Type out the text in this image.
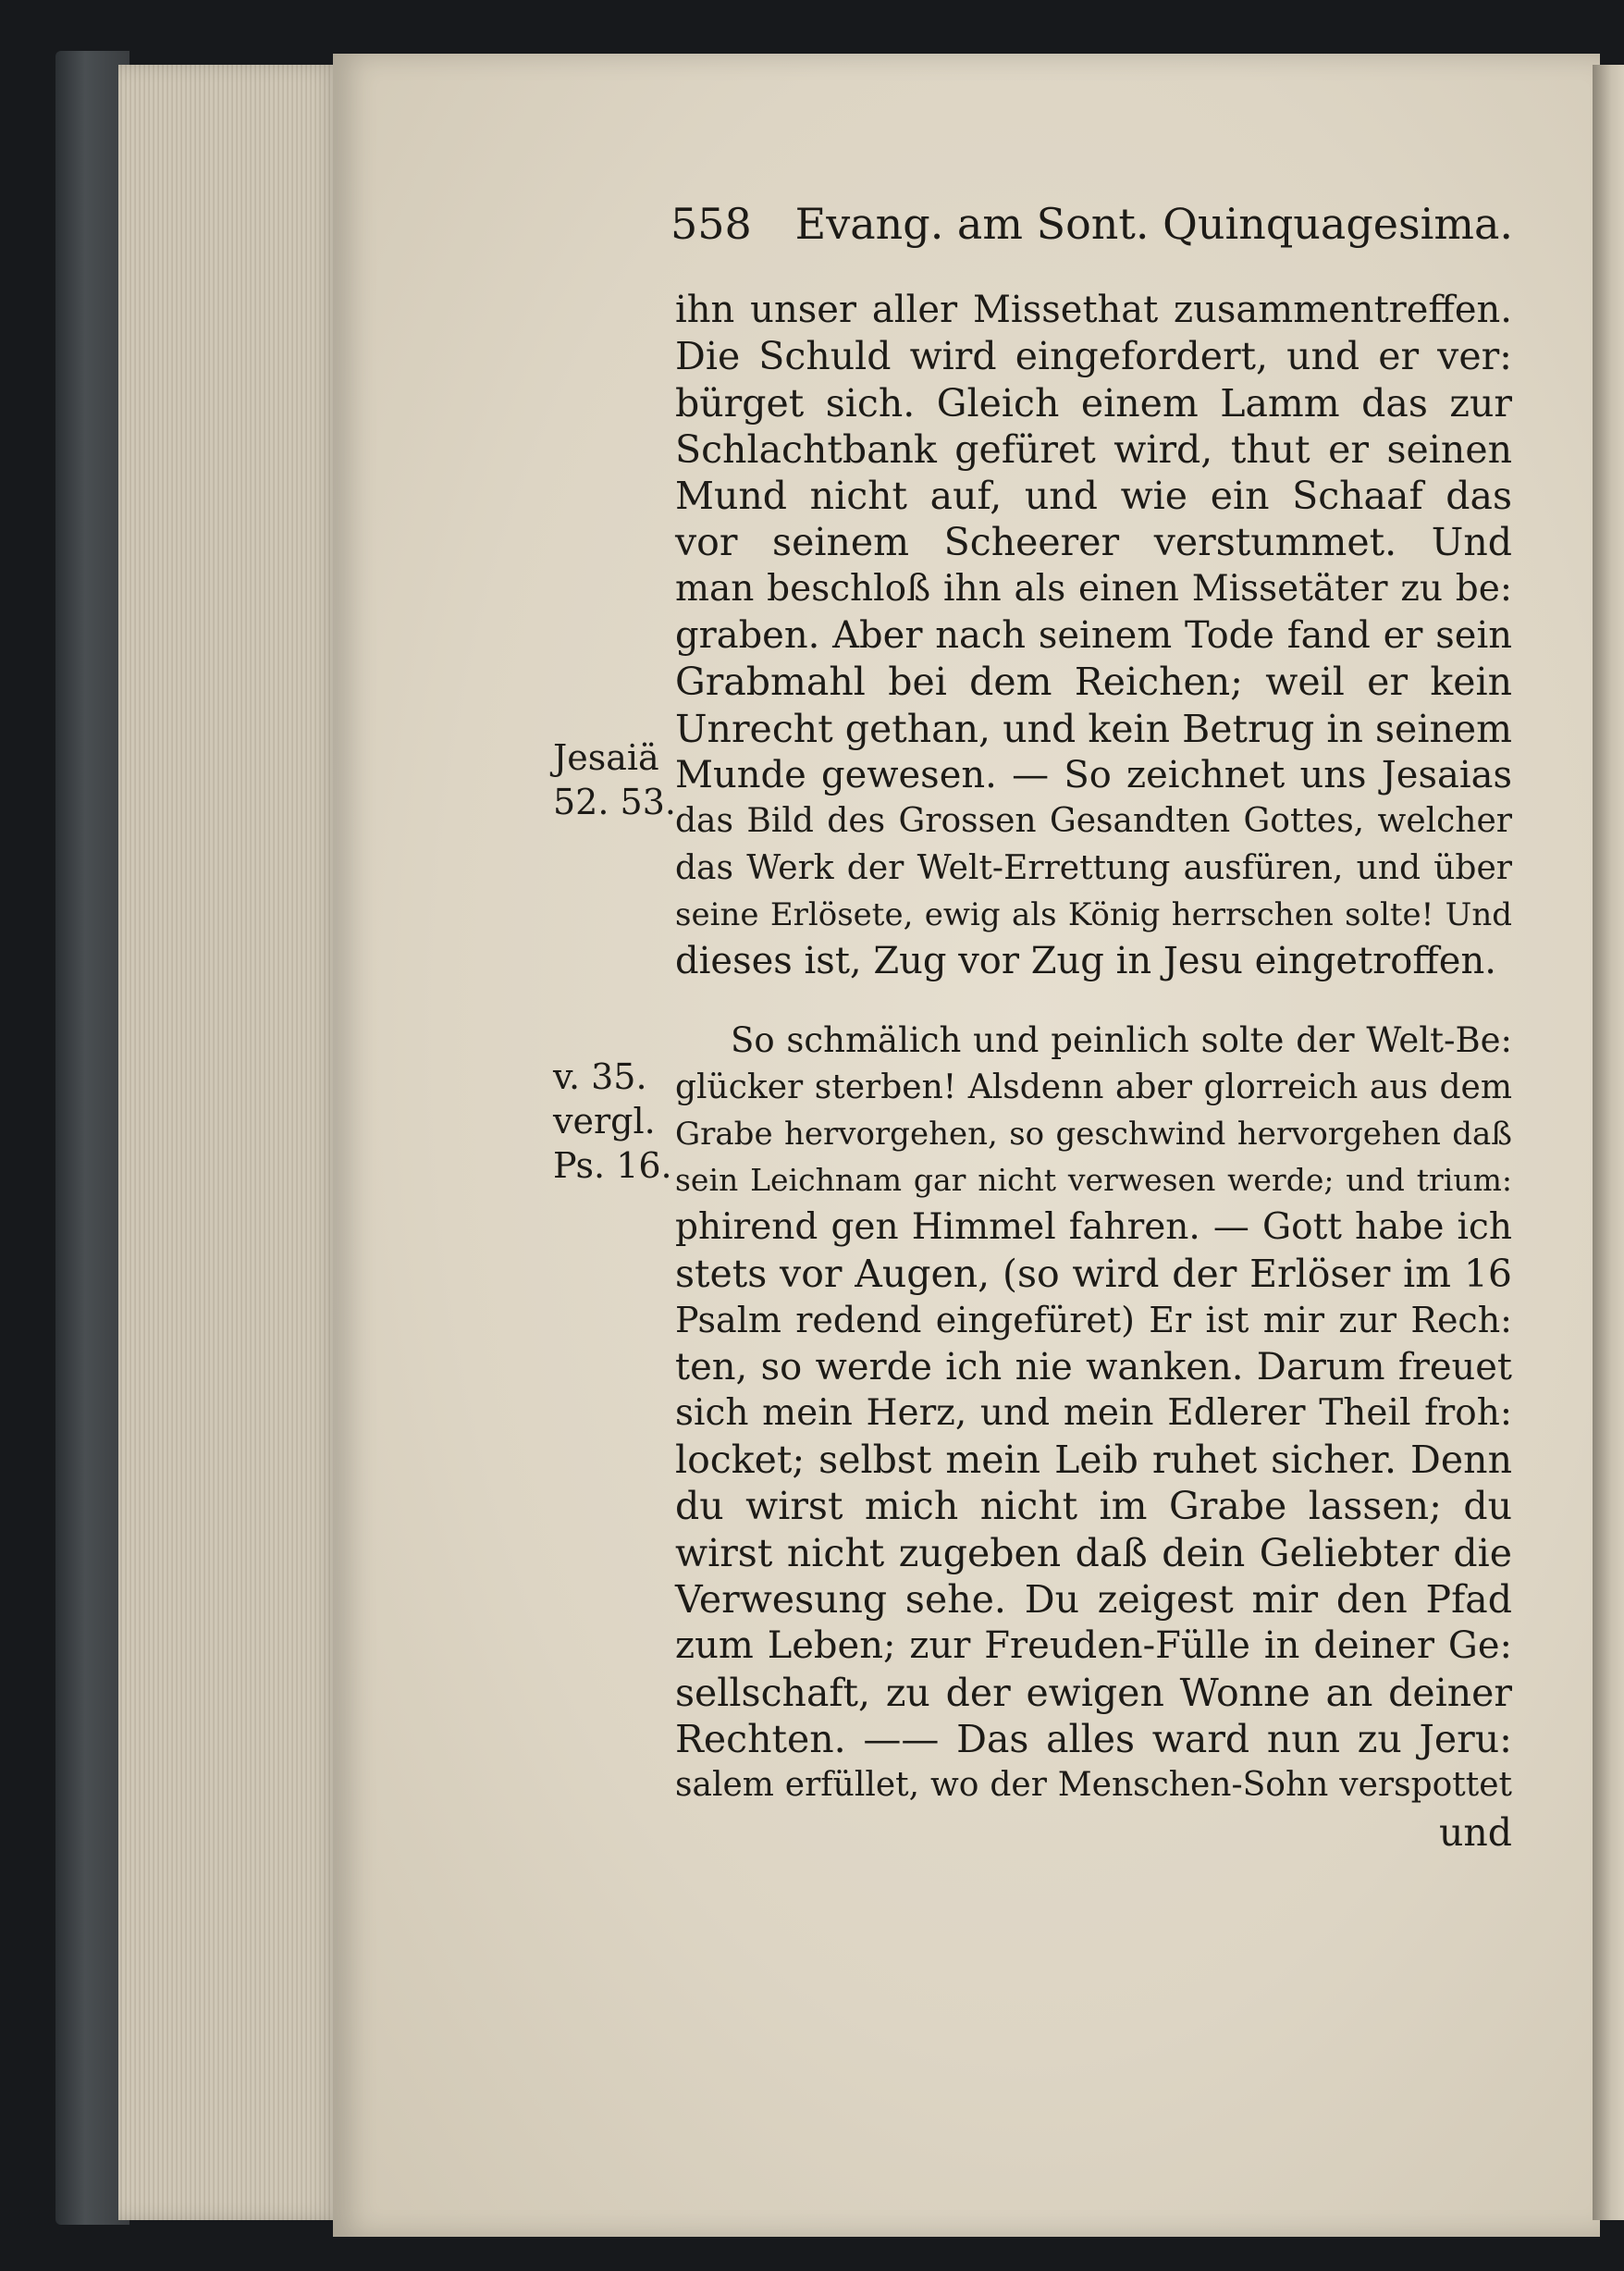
558 Evang. am Sont. Quinquagesima.
Jesaiä
52. 53.
v. 35.
vergl.
Ps. 16.
ihn unser aller Missethat zusammentreffen.
Die Schuld wird eingefordert, und er ver:
bürget sich. Gleich einem Lamm das zur
Schlachtbank gefüret wird, thut er seinen
Mund nicht auf, und wie ein Schaaf das
vor seinem Scheerer verstummet. Und
man beschloß ihn als einen Missetäter zu be:
graben. Aber nach seinem Tode fand er sein
Grabmahl bei dem Reichen; weil er kein
Unrecht gethan, und kein Betrug in seinem
Munde gewesen. — So zeichnet uns Jesaias
das Bild des Grossen Gesandten Gottes, welcher
das Werk der Welt-Errettung ausfüren, und über
seine Erlösete, ewig als König herrschen solte! Und
dieses ist, Zug vor Zug in Jesu eingetroffen.
So schmälich und peinlich solte der Welt-Be:
glücker sterben! Alsdenn aber glorreich aus dem
Grabe hervorgehen, so geschwind hervorgehen daß
sein Leichnam gar nicht verwesen werde; und trium:
phirend gen Himmel fahren. — Gott habe ich
stets vor Augen, (so wird der Erlöser im 16
Psalm redend eingefüret) Er ist mir zur Rech:
ten, so werde ich nie wanken. Darum freuet
sich mein Herz, und mein Edlerer Theil froh:
locket; selbst mein Leib ruhet sicher. Denn
du wirst mich nicht im Grabe lassen; du
wirst nicht zugeben daß dein Geliebter die
Verwesung sehe. Du zeigest mir den Pfad
zum Leben; zur Freuden-Fülle in deiner Ge:
sellschaft, zu der ewigen Wonne an deiner
Rechten. —— Das alles ward nun zu Jeru:
salem erfüllet, wo der Menschen-Sohn verspottet
und
